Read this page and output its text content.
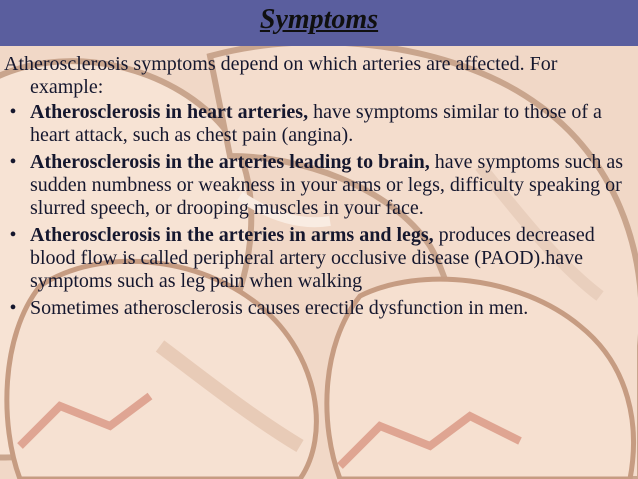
Symptoms

Atherosclerosis symptoms depend on which arteries are affected. For example:

• Atherosclerosis in heart arteries, have symptoms similar to those of a heart attack, such as chest pain (angina).
• Atherosclerosis in the arteries leading to brain, have symptoms such as sudden numbness or weakness in your arms or legs, difficulty speaking or slurred speech, or drooping muscles in your face.
• Atherosclerosis in the arteries in arms and legs, produces decreased blood flow is called peripheral artery occlusive disease (PAOD).have symptoms such as leg pain when walking
• Sometimes atherosclerosis causes erectile dysfunction in men.
